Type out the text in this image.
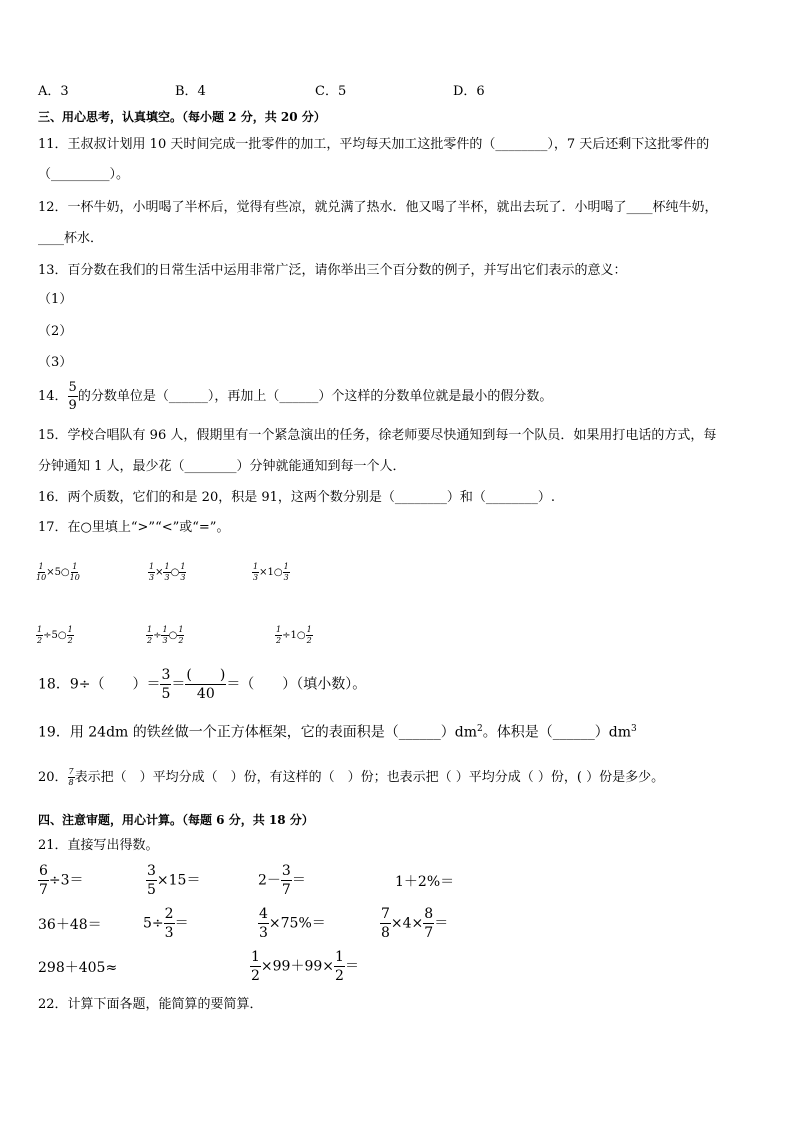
A．3	B．4	C．5	D．6
三、用心思考，认真填空。（每小题 2 分，共 20 分）
11．王叔叔计划用 10 天时间完成一批零件的加工，平均每天加工这批零件的（________），7 天后还剩下这批零件的
（_________）。
12．一杯牛奶，小明喝了半杯后，觉得有些凉，就兑满了热水．他又喝了半杯，就出去玩了．小明喝了____杯纯牛奶，
____杯水．
13．百分数在我们的日常生活中运用非常广泛，请你举出三个百分数的例子，并写出它们表示的意义：
（1）
（2）
（3）
14． $\frac{5}{9}$ 的分数单位是（______），再加上（______）个这样的分数单位就是最小的假分数。
15．学校合唱队有 96 人，假期里有一个紧急演出的任务，徐老师要尽快通知到每一个队员．如果用打电话的方式，每
分钟通知 1 人，最少花（________）分钟就能通知到每一个人．
16．两个质数，它们的和是 20，积是 91，这两个数分别是（________）和（________）.
17．在○里填上“>”“<”或“=”。
$\frac{1}{10}$ ×5○ $\frac{1}{10}$	$\frac{1}{3} \times \frac{1}{3}$ ○ $\frac{1}{3}$	$\frac{1}{3}$ ×1○ $\frac{1}{3}$
$\frac{1}{2}$ ÷5○ $\frac{1}{2}$	$\frac{1}{2} \div \frac{1}{3}$ ○ $\frac{1}{2}$	$\frac{1}{2}$ ÷1○ $\frac{1}{2}$
18．9÷（　　）＝ $\frac{3}{5} = \frac{( )}{40}$ ＝（　　）（填小数）。
19．用 24dm 的铁丝做一个正方体框架，它的表面积是$(\_\_\_\_\_\_)dm^2$。体积是$(\_\_\_\_\_\_)dm^3$
20． $\frac{7}{8}$ 表示把（　）平均分成（　）份，有这样的（　）份；也表示把（ ）平均分成（ ）份，( ）份是多少。
四、注意审题，用心计算。（每题 6 分，共 18 分）
21．直接写出得数。
$\frac{6}{7} \div 3=$	$\frac{3}{5} \times 15=$	$2- \frac{3}{7}$ ＝	1＋2%＝
36＋48＝	$5\div \frac{2}{3}$ ＝	$\frac{4}{3} \times 75\%=$	$\frac{7}{8} \times 4\times \frac{8}{7}$ ＝
298＋405≈	$\frac{1}{2} \times 99+99\times \frac{1}{2}$ ＝
22．计算下面各题，能简算的要简算．
